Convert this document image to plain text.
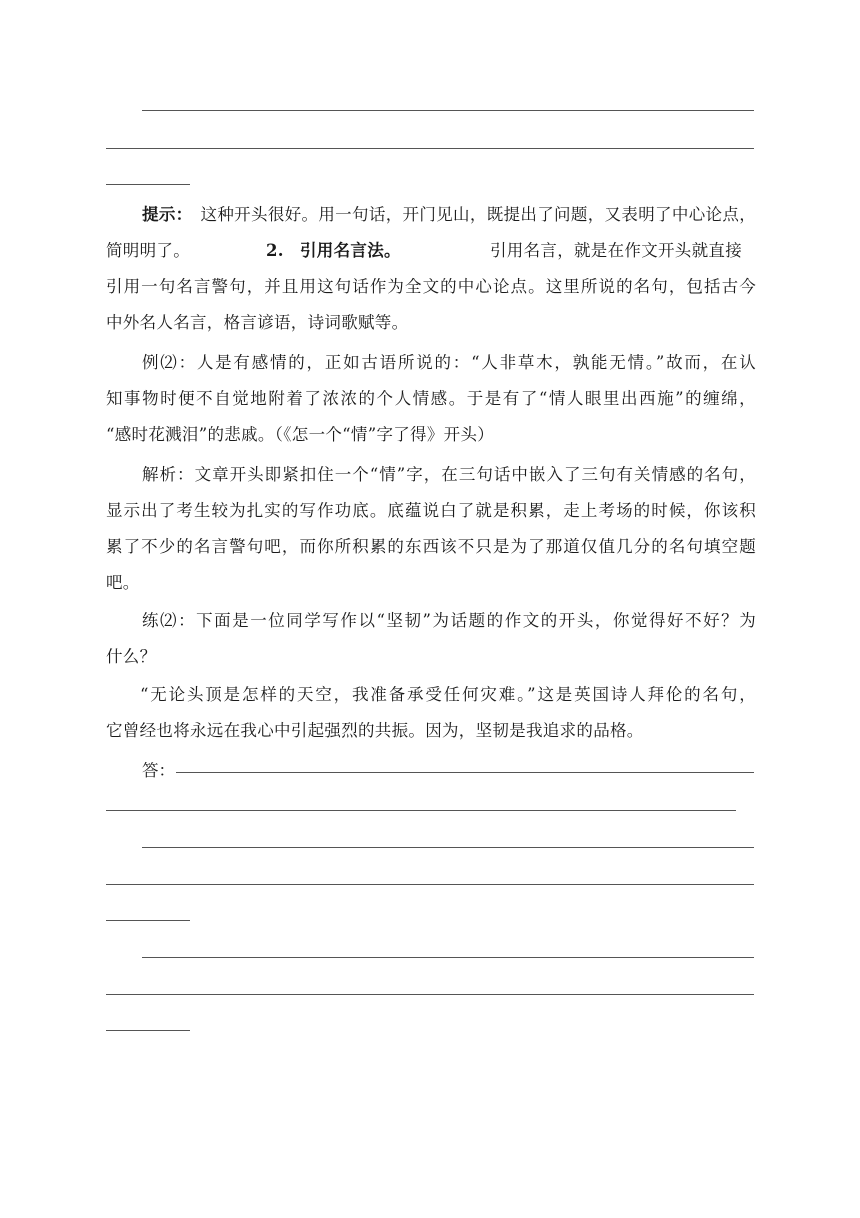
提示： 这种开头很好。用一句话，开门见山，既提出了问题，又表明了中心论点，
简明明了。	2. 引用名言法。	引用名言，就是在作文开头就直接
引用一句名言警句，并且用这句话作为全文的中心论点。这里所说的名句，包括古今
中外名人名言，格言谚语，诗词歌赋等。
例⑵：人是有感情的，正如古语所说的：“人非草木，孰能无情。”故而，在认
知事物时便不自觉地附着了浓浓的个人情感。于是有了“情人眼里出西施”的缠绵，
“感时花溅泪”的悲戚。（《怎一个“情”字了得》开头）
解析：文章开头即紧扣住一个“情”字，在三句话中嵌入了三句有关情感的名句，
显示出了考生较为扎实的写作功底。底蕴说白了就是积累，走上考场的时候，你该积
累了不少的名言警句吧，而你所积累的东西该不只是为了那道仅值几分的名句填空题
吧。
练⑵：下面是一位同学写作以“坚韧”为话题的作文的开头，你觉得好不好？为
什么？
“无论头顶是怎样的天空，我准备承受任何灾难。”这是英国诗人拜伦的名句，
它曾经也将永远在我心中引起强烈的共振。因为，坚韧是我追求的品格。
答：
